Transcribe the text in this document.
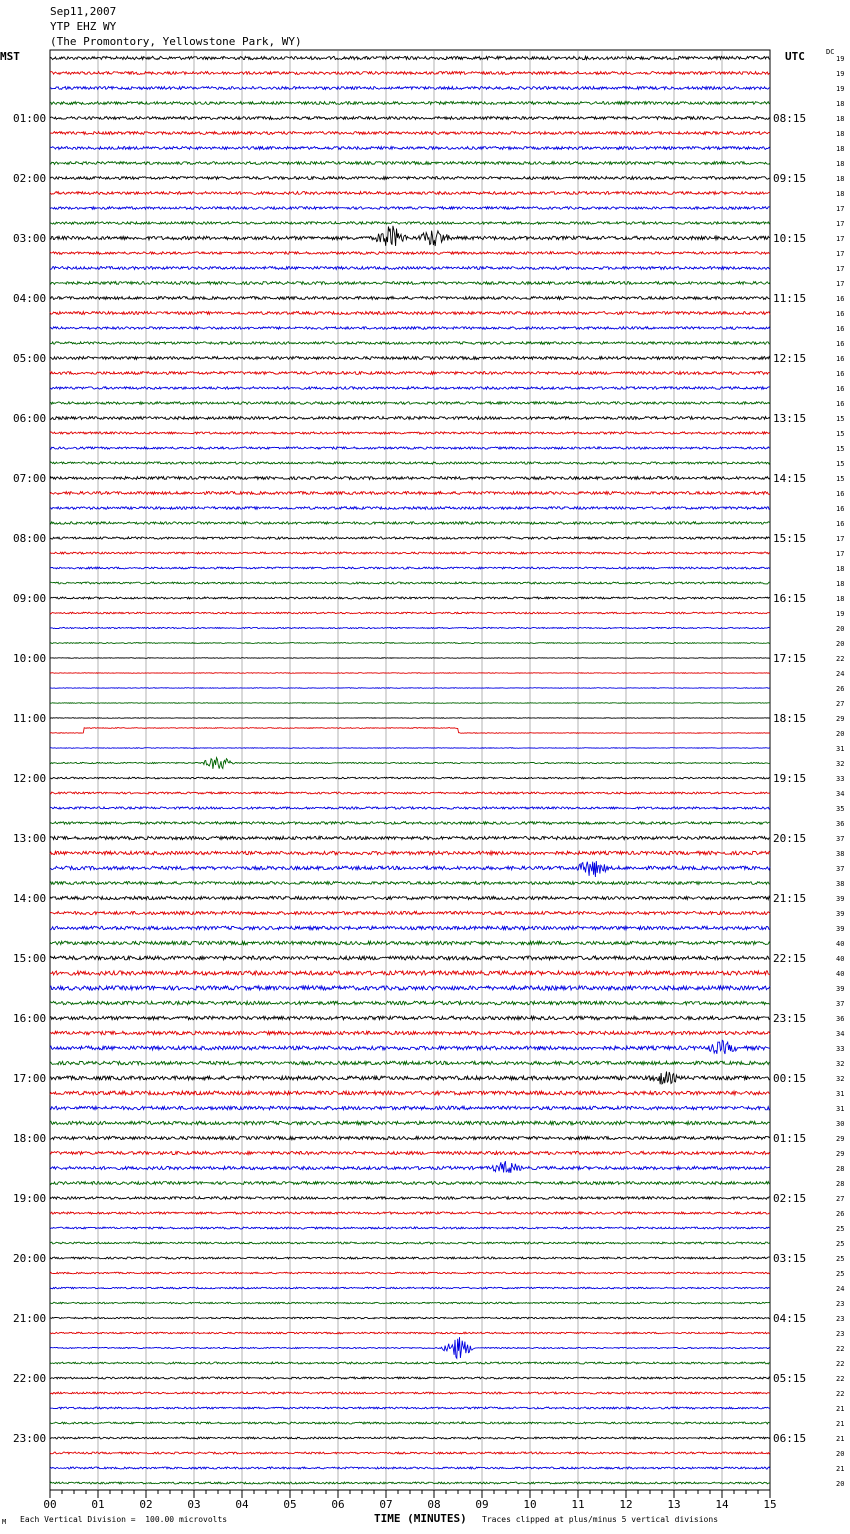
Sep11,2007
YTP EHZ WY
(The Promontory, Yellowstone Park, WY)
MST	UTC	DC
19
19
19
18
18
18
18
18
18
18
17
17
17
17
17
17
16
16
16
16
16
16
16
16
15
15
15
15
15
16
16
16
17
17
18
18
18
19
20
20
22
24
26
27
29
20
31
32
33
34
35
36
37
38
37
38
39
39
39
40
40
40
39
37
36
34
33
32
32
31
31
30
29
29
28
28
27
26
25
25
25
25
24
23
23
23
22
22
22
22
21
21
21
20
21
20
01:00
02:00
03:00
04:00
05:00
06:00
07:00
08:00
09:00
10:00
11:00
12:00
13:00
14:00
15:00
16:00
17:00
18:00
19:00
20:00
21:00
22:00
23:00
08:15
09:15
10:15
11:15
12:15
13:15
14:15
15:15
16:15
17:15
18:15
19:15
20:15
21:15
22:15
23:15
00:15
01:15
02:15
03:15
04:15
05:15
06:15
00	01	02	03	04	05	06	07	08	09	10	11	12	13	14	15
M Each Vertical Division =  100.00 microvolts	TIME (MINUTES) Traces clipped at plus/minus 5 vertical divisions
